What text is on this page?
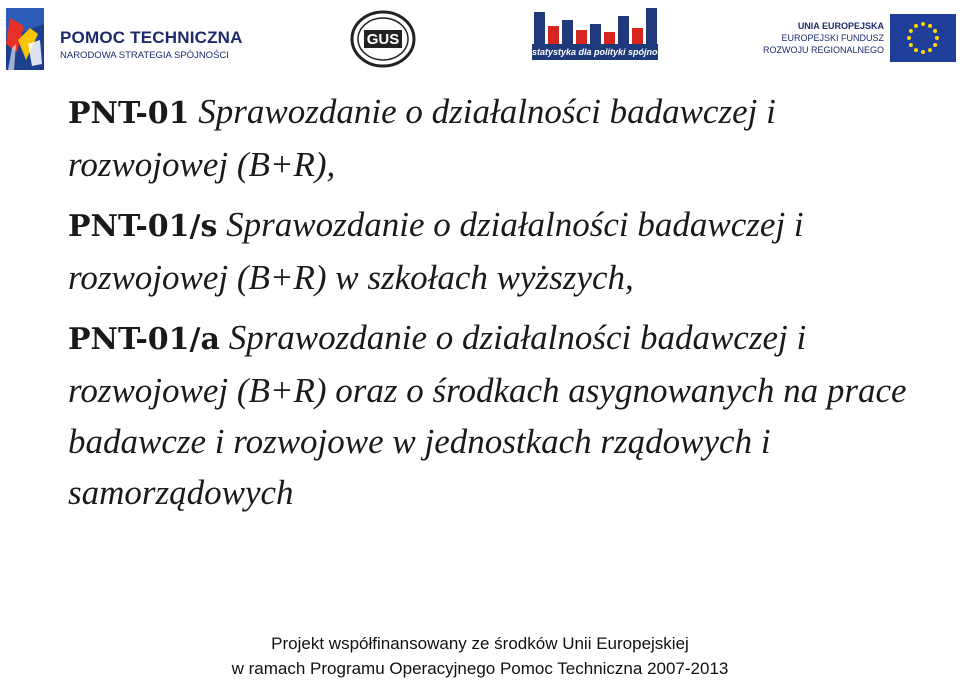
POMOC TECHNICZNA
NARODOWA STRATEGIA SPÓJNOŚCI
GUS
statystyka dla polityki spójności
UNIA EUROPEJSKA
EUROPEJSKI FUNDUSZ
ROZWOJU REGIONALNEGO

PNT-01 Sprawozdanie o działalności badawczej i rozwojowej (B+R),

PNT-01/s Sprawozdanie o działalności badawczej i rozwojowej (B+R) w szkołach wyższych,

PNT-01/a Sprawozdanie o działalności badawczej i rozwojowej (B+R) oraz o środkach asygnowanych na prace badawcze i rozwojowe w jednostkach rządowych i samorządowych

Projekt współfinansowany ze środków Unii Europejskiej
w ramach Programu Operacyjnego Pomoc Techniczna 2007-2013
